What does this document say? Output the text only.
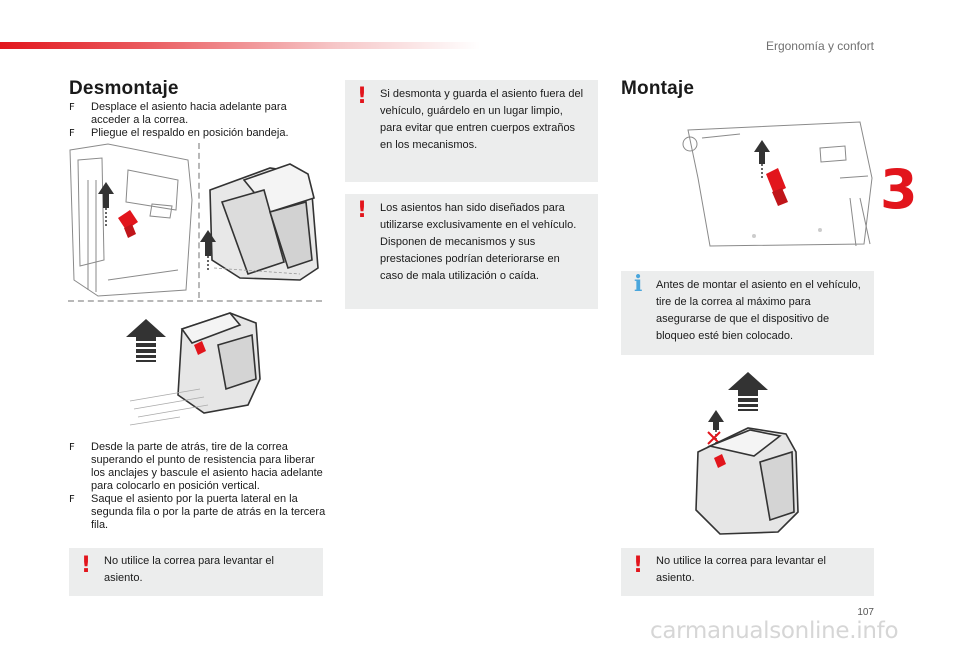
Ergonomía y confort
3
Desmontaje
F Desplace el asiento hacia adelante para acceder a la correa.
F Pliegue el respaldo en posición bandeja.
F Desde la parte de atrás, tire de la correa superando el punto de resistencia para liberar los anclajes y bascule el asiento hacia adelante para colocarlo en posición vertical.
F Saque el asiento por la puerta lateral en la segunda fila o por la parte de atrás en la tercera fila.
! No utilice la correa para levantar el asiento.
! Si desmonta y guarda el asiento fuera del vehículo, guárdelo en un lugar limpio, para evitar que entren cuerpos extraños en los mecanismos.
! Los asientos han sido diseñados para utilizarse exclusivamente en el vehículo. Disponen de mecanismos y sus prestaciones podrían deteriorarse en caso de mala utilización o caída.
Montaje
i Antes de montar el asiento en el vehículo, tire de la correa al máximo para asegurarse de que el dispositivo de bloqueo esté bien colocado.
! No utilice la correa para levantar el asiento.
107
carmanualsonline.info
